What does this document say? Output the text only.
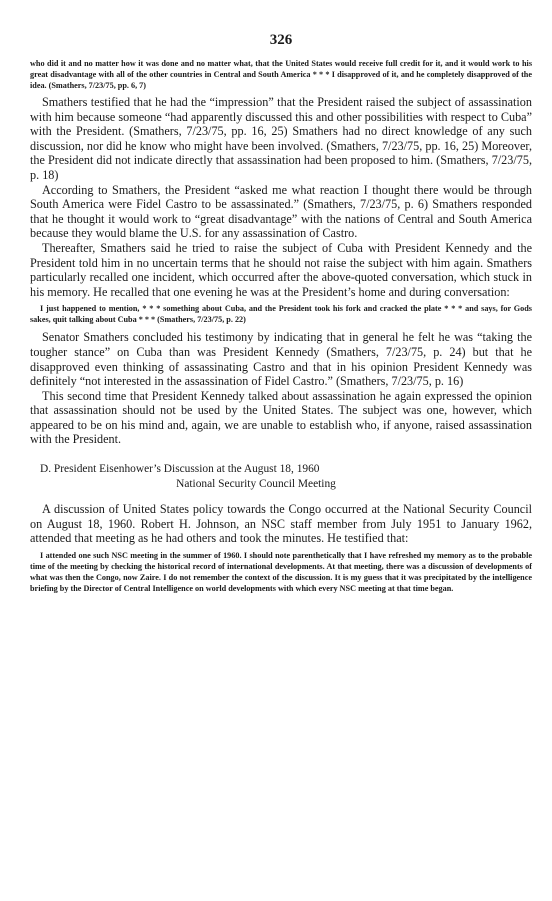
326

who did it and no matter how it was done and no matter what, that the United States would receive full credit for it, and it would work to his great disadvantage with all of the other countries in Central and South America * * * I disapproved of it, and he completely disapproved of the idea. (Smathers, 7/23/75, pp. 6, 7)

Smathers testified that he had the “impression” that the President raised the subject of assassination with him because someone “had apparently discussed this and other possibilities with respect to Cuba” with the President. (Smathers, 7/23/75, pp. 16, 25) Smathers had no direct knowledge of any such discussion, nor did he know who might have been involved. (Smathers, 7/23/75, pp. 16, 25) Moreover, the President did not indicate directly that assassination had been proposed to him. (Smathers, 7/23/75, p. 18)

According to Smathers, the President “asked me what reaction I thought there would be through South America were Fidel Castro to be assassinated.” (Smathers, 7/23/75, p. 6) Smathers responded that he thought it would work to “great disadvantage” with the nations of Central and South America because they would blame the U.S. for any assassination of Castro.

Thereafter, Smathers said he tried to raise the subject of Cuba with President Kennedy and the President told him in no uncertain terms that he should not raise the subject with him again. Smathers particularly recalled one incident, which occurred after the above-quoted conversation, which stuck in his memory. He recalled that one evening he was at the President’s home and during conversation:

I just happened to mention, * * * something about Cuba, and the President took his fork and cracked the plate * * * and says, for Gods sakes, quit talking about Cuba * * * (Smathers, 7/23/75, p. 22)

Senator Smathers concluded his testimony by indicating that in general he felt he was “taking the tougher stance” on Cuba than was President Kennedy (Smathers, 7/23/75, p. 24) but that he disapproved even thinking of assassinating Castro and that in his opinion President Kennedy was definitely “not interested in the assassination of Fidel Castro.” (Smathers, 7/23/75, p. 16)

This second time that President Kennedy talked about assassination he again expressed the opinion that assassination should not be used by the United States. The subject was one, however, which appeared to be on his mind and, again, we are unable to establish who, if anyone, raised assassination with the President.

D. President Eisenhower’s Discussion at the August 18, 1960
National Security Council Meeting

A discussion of United States policy towards the Congo occurred at the National Security Council on August 18, 1960. Robert H. Johnson, an NSC staff member from July 1951 to January 1962, attended that meeting as he had others and took the minutes. He testified that:

I attended one such NSC meeting in the summer of 1960. I should note parenthetically that I have refreshed my memory as to the probable time of the meeting by checking the historical record of international developments. At that meeting, there was a discussion of developments of what was then the Congo, now Zaire. I do not remember the context of the discussion. It is my guess that it was precipitated by the intelligence briefing by the Director of Central Intelligence on world developments with which every NSC meeting at that time began.
